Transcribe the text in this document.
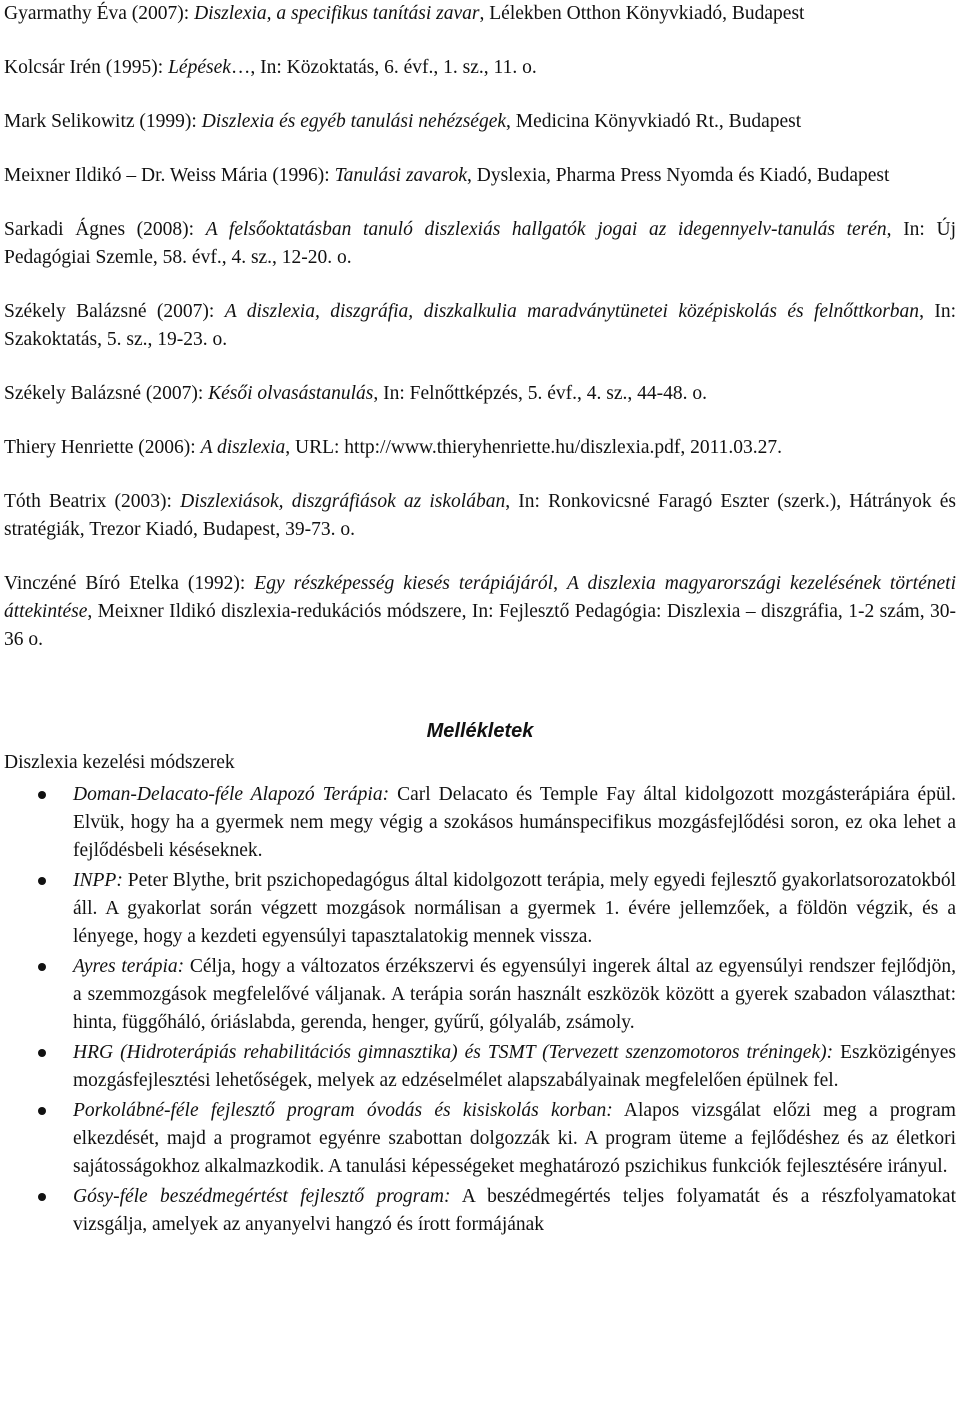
Gyarmathy Éva (2007): Diszlexia, a specifikus tanítási zavar, Lélekben Otthon Könyvkiadó, Budapest

Kolcsár Irén (1995): Lépések…, In: Közoktatás, 6. évf., 1. sz., 11. o.

Mark Selikowitz (1999): Diszlexia és egyéb tanulási nehézségek, Medicina Könyvkiadó Rt., Budapest

Meixner Ildikó – Dr. Weiss Mária (1996): Tanulási zavarok, Dyslexia, Pharma Press Nyomda és Kiadó, Budapest

Sarkadi Ágnes (2008): A felsőoktatásban tanuló diszlexiás hallgatók jogai az idegennyelv-tanulás terén, In: Új Pedagógiai Szemle, 58. évf., 4. sz., 12-20. o.

Székely Balázsné (2007): A diszlexia, diszgráfia, diszkalkulia maradványtünetei középiskolás és felnőttkorban, In: Szakoktatás, 5. sz., 19-23. o.

Székely Balázsné (2007): Késői olvasástanulás, In: Felnőttképzés, 5. évf., 4. sz., 44-48. o.

Thiery Henriette (2006): A diszlexia, URL: http://www.thieryhenriette.hu/diszlexia.pdf, 2011.03.27.

Tóth Beatrix (2003): Diszlexiások, diszgráfiások az iskolában, In: Ronkovicsné Faragó Eszter (szerk.), Hátrányok és stratégiák, Trezor Kiadó, Budapest, 39-73. o.

Vinczéné Bíró Etelka (1992): Egy részképesség kiesés terápiájáról, A diszlexia magyarországi kezelésének történeti áttekintése, Meixner Ildikó diszlexia-redukációs módszere, In: Fejlesztő Pedagógia: Diszlexia – diszgráfia, 1-2 szám, 30-36 o.

Mellékletek
Diszlexia kezelési módszerek
Doman-Delacato-féle Alapozó Terápia: Carl Delacato és Temple Fay által kidolgozott mozgásterápiára épül. Elvük, hogy ha a gyermek nem megy végig a szokásos humánspecifikus mozgásfejlődési soron, ez oka lehet a fejlődésbeli késéseknek.
INPP: Peter Blythe, brit pszichopedagógus által kidolgozott terápia, mely egyedi fejlesztő gyakorlatsorozatokból áll. A gyakorlat során végzett mozgások normálisan a gyermek 1. évére jellemzőek, a földön végzik, és a lényege, hogy a kezdeti egyensúlyi tapasztalatokig mennek vissza.
Ayres terápia: Célja, hogy a változatos érzékszervi és egyensúlyi ingerek által az egyensúlyi rendszer fejlődjön, a szemmozgások megfelelővé váljanak. A terápia során használt eszközök között a gyerek szabadon választhat: hinta, függőháló, óriáslabda, gerenda, henger, gyűrű, gólyaláb, zsámoly.
HRG (Hidroterápiás rehabilitációs gimnasztika) és TSMT (Tervezett szenzomotoros tréningek): Eszközigényes mozgásfejlesztési lehetőségek, melyek az edzéselmélet alapszabályainak megfelelően épülnek fel.
Porkolábné-féle fejlesztő program óvodás és kisiskolás korban: Alapos vizsgálat előzi meg a program elkezdését, majd a programot egyénre szabottan dolgozzák ki. A program üteme a fejlődéshez és az életkori sajátosságokhoz alkalmazkodik. A tanulási képességeket meghatározó pszichikus funkciók fejlesztésére irányul.
Gósy-féle beszédmegértést fejlesztő program: A beszédmegértés teljes folyamatát és a részfolyamatokat vizsgálja, amelyek az anyanyelvi hangzó és írott formájának
